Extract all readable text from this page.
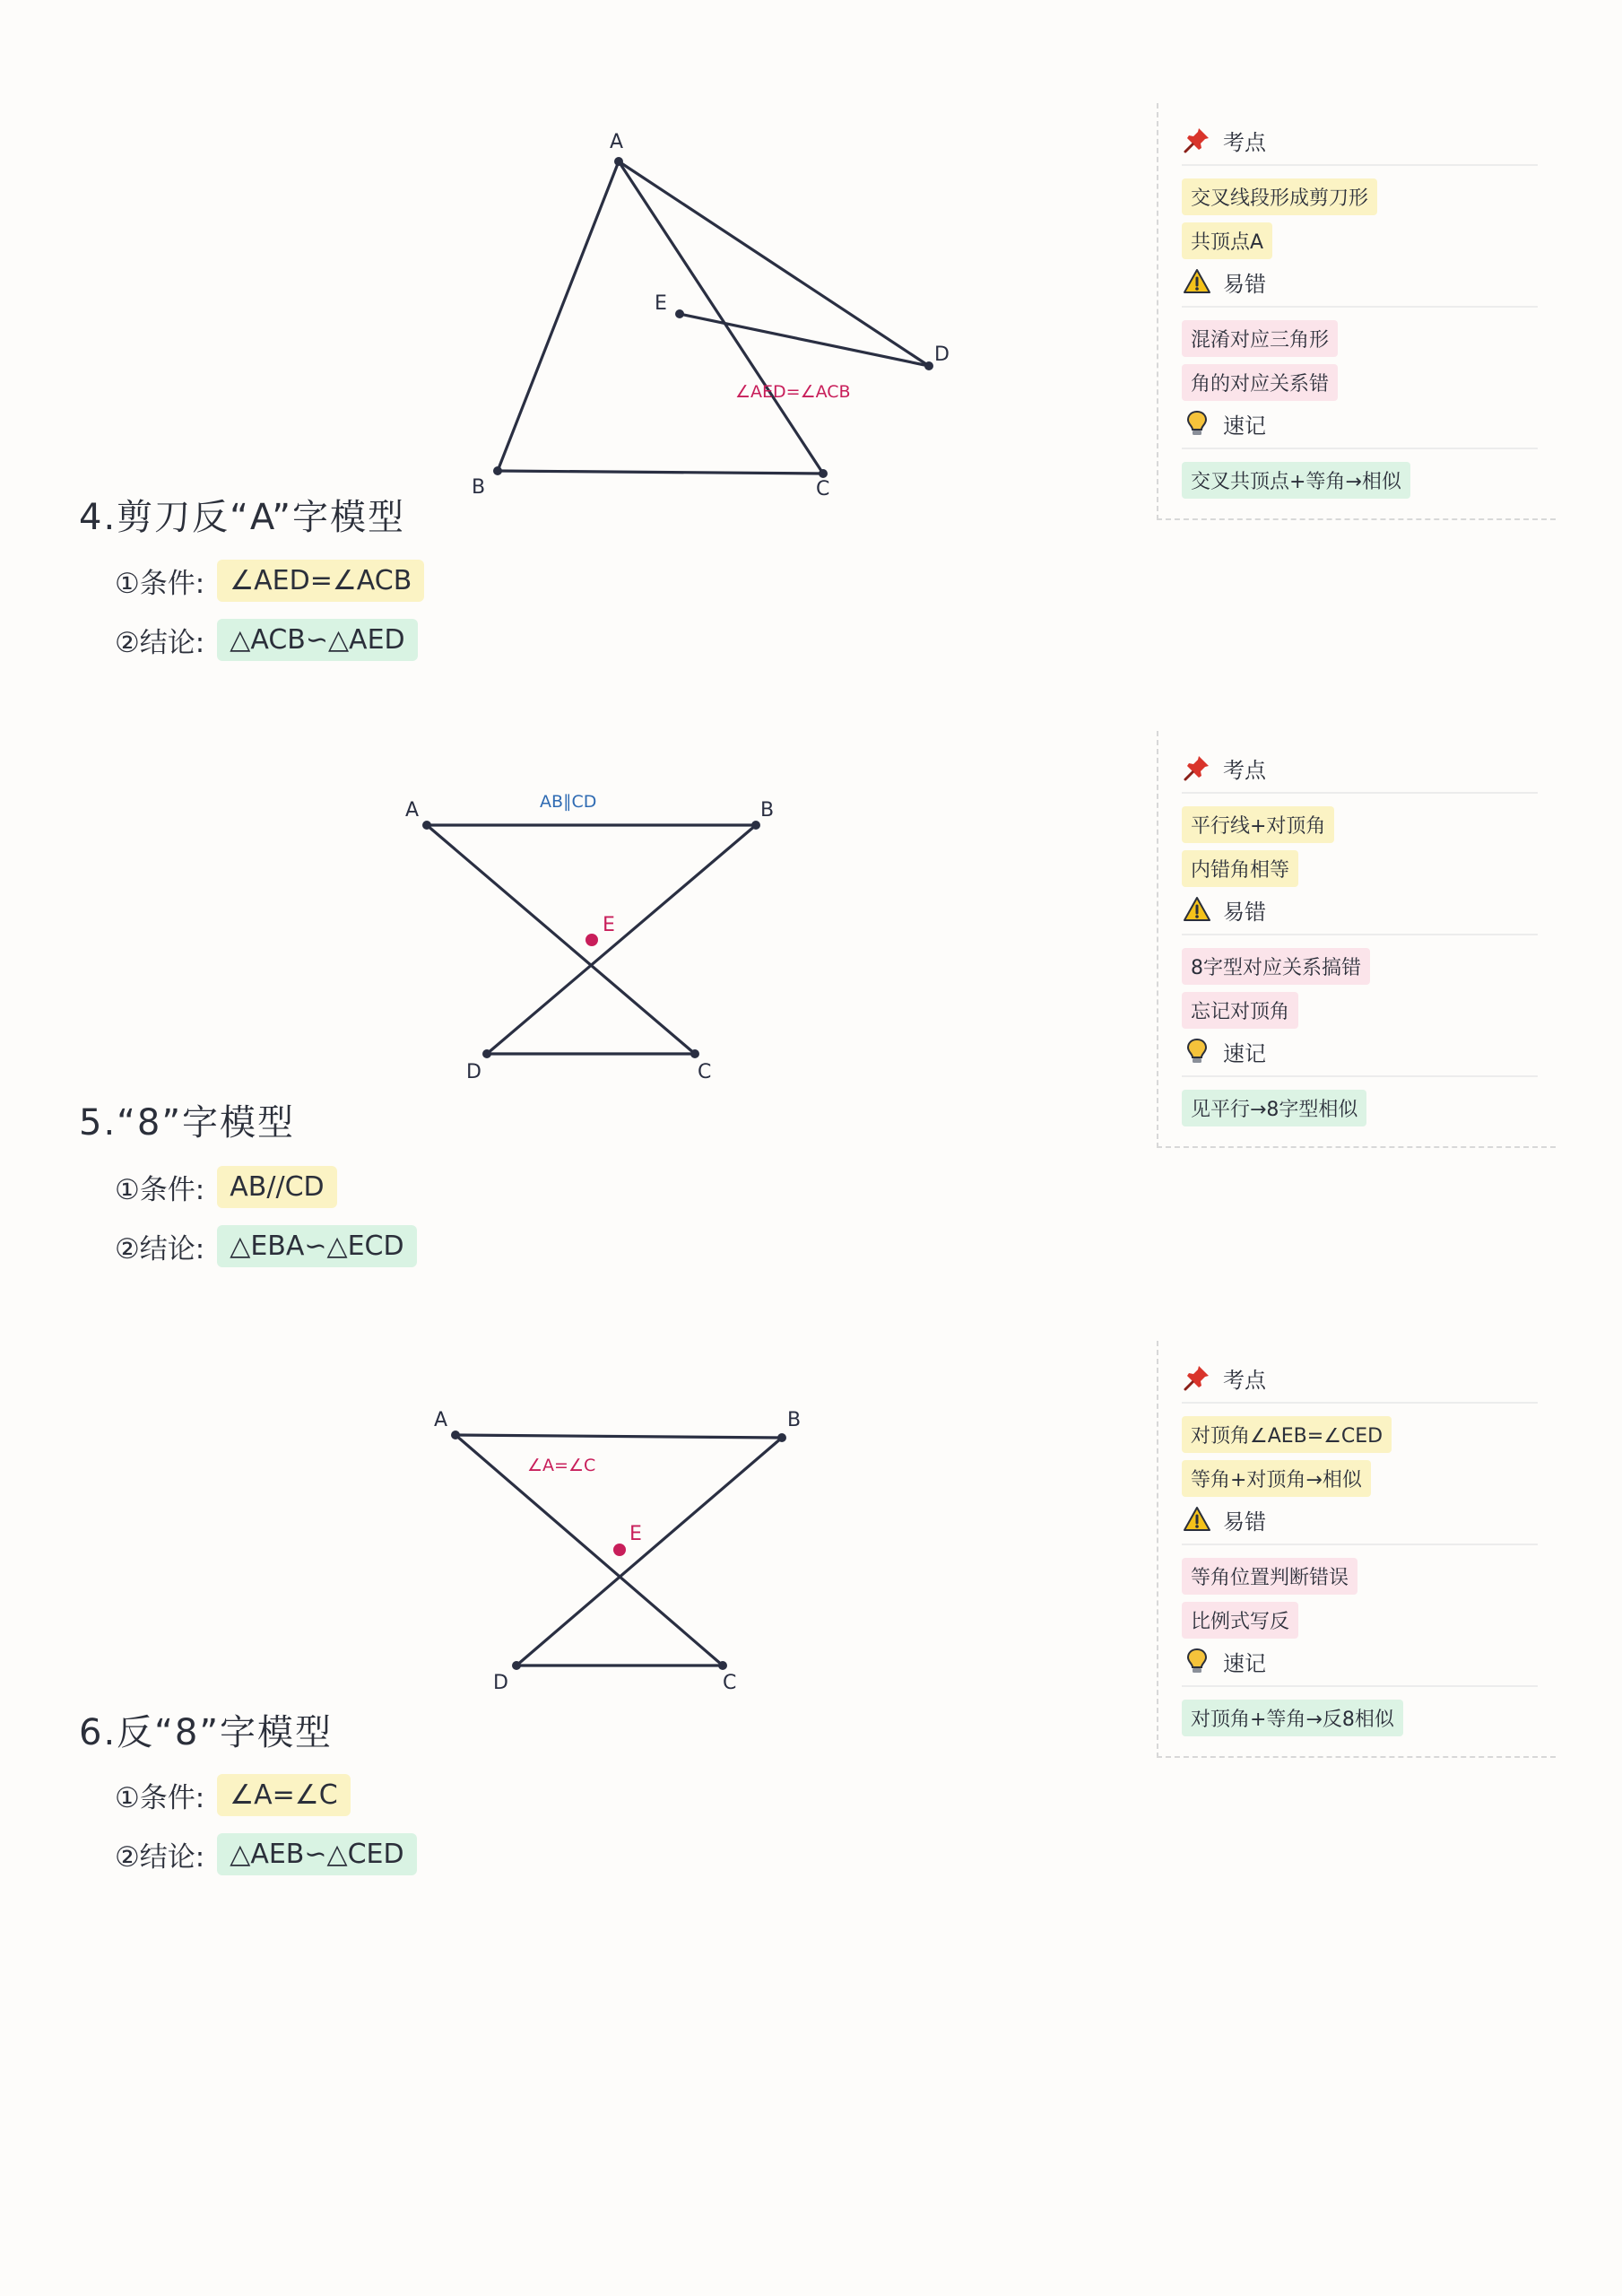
A
B	C
D
E
∠AED=∠ACB
4.剪刀反“A”字模型
①条件: ∠AED=∠ACB
②结论: △ACB∽△AED
考点
交叉线段形成剪刀形
共顶点A
易错
混淆对应三角形
角的对应关系错
速记
交叉共顶点+等角→相似
A	B
C
D
E
AB∥CD
5.“8”字模型
①条件: AB//CD
②结论: △EBA∽△ECD
考点
平行线+对顶角
内错角相等
易错
8字型对应关系搞错
忘记对顶角
速记
见平行→8字型相似
A	B
C
D
E
∠A=∠C
6.反“8”字模型
①条件: ∠A=∠C
②结论: △AEB∽△CED
考点
对顶角∠AEB=∠CED
等角+对顶角→相似
易错
等角位置判断错误
比例式写反
速记
对顶角+等角→反8相似
